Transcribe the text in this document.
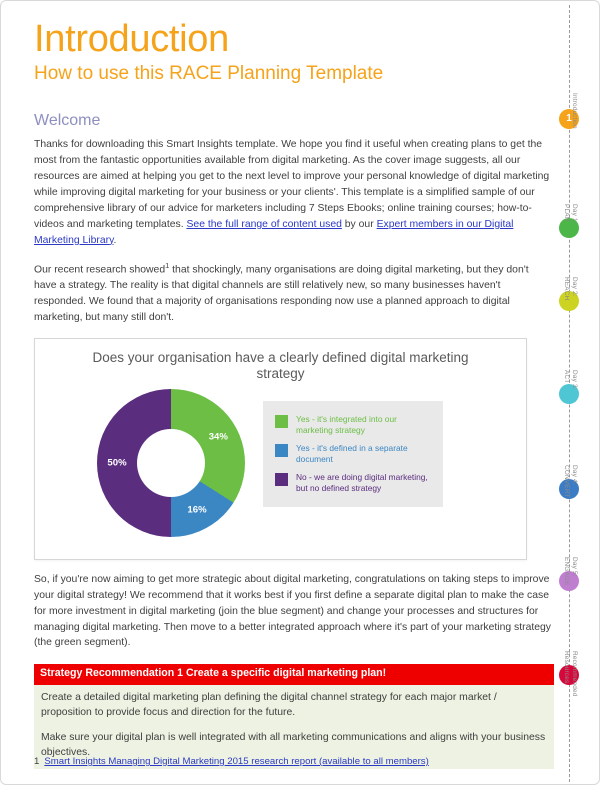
Introduction
How to use this RACE Planning Template
Welcome

Thanks for downloading this Smart Insights template. We hope you find it useful when creating plans to get the most from the fantastic opportunities available from digital marketing. As the cover image suggests, all our resources are aimed at helping you get to the next level to improve your personal knowledge of digital marketing while improving digital marketing for your business or your clients'. This template is a simplified sample of our comprehensive library of our advice for marketers including 7 Steps Ebooks; online training courses; how-to-videos and marketing templates. See the full range of content used by our Expert members in our Digital Marketing Library.

Our recent research showed$^1$ that shockingly, many organisations are doing digital marketing, but they don't have a strategy. The reality is that digital channels are still relatively new, so many businesses haven't responded. We found that a majority of organisations responding now use a planned approach to digital marketing, but many still don't.

Does your organisation have a clearly defined digital marketing strategy
34%
16%
50%
Yes - it's integrated into our marketing strategy
Yes - it's defined in a separate document
No - we are doing digital marketing, but no defined strategy

So, if you're now aiming to get more strategic about digital marketing, congratulations on taking steps to improve your digital strategy! We recommend that it works best if you first define a separate digital plan to make the case for more investment in digital marketing (join the blue segment) and change your processes and structures for managing digital marketing. Then move to a better integrated approach where it's part of your marketing strategy (the green segment).

Strategy Recommendation 1 Create a specific digital marketing plan!

Create a detailed digital marketing plan defining the digital channel strategy for each major market / proposition to provide focus and direction for the future.

Make sure your digital plan is well integrated with all marketing communications and aligns with your business objectives.

1 Smart Insights Managing Digital Marketing 2015 research report (available to all members)
1 Introduction
Day 1:
PLAN
Day 2:
REACH
Day 3:
ACT
Day 4:
CONVERT
Day 5:
ENGAGE
Recommended
Resources
